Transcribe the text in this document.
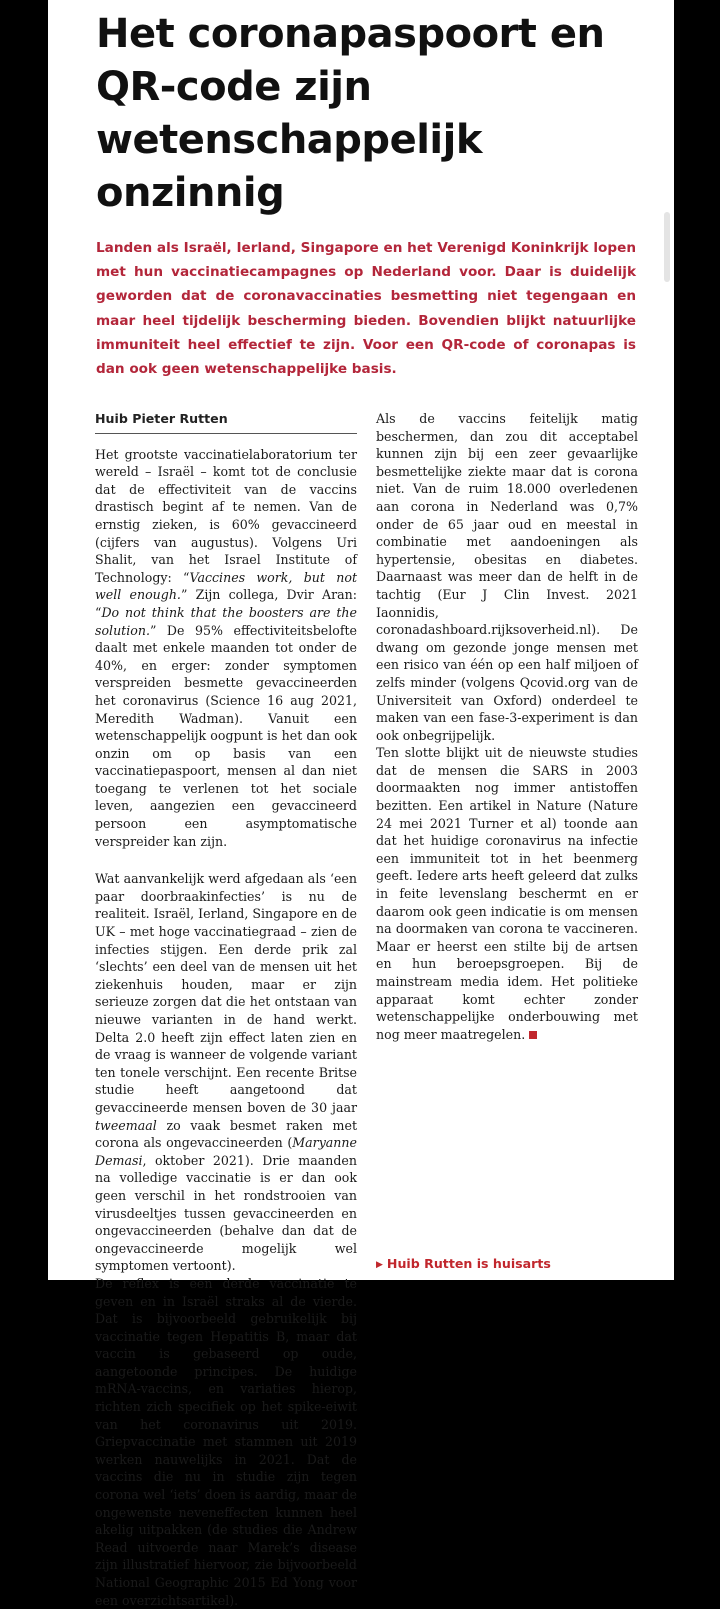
Het coronapaspoort en QR-code zijn wetenschappelijk onzinnig

Landen als Israël, Ierland, Singapore en het Verenigd Koninkrijk lopen met hun vaccinatiecampagnes op Nederland voor. Daar is duidelijk geworden dat de coronavaccinaties besmetting niet tegengaan en maar heel tijdelijk bescherming bieden. Bovendien blijkt natuurlijke immuniteit heel effectief te zijn. Voor een QR-code of coronapas is dan ook geen wetenschappelijke basis.

Huib Pieter Rutten

Het grootste vaccinatielaboratorium ter wereld – Israël – komt tot de conclusie dat de effectiviteit van de vaccins drastisch begint af te nemen. Van de ernstig zieken, is 60% gevaccineerd (cijfers van augustus). Volgens Uri Shalit, van het Israel Institute of Technology: “Vaccines work, but not well enough.” Zijn collega, Dvir Aran: “Do not think that the boosters are the solution.” De 95% effectiviteitsbelofte daalt met enkele maanden tot onder de 40%, en erger: zonder symptomen verspreiden besmette gevaccineerden het coronavirus (Science 16 aug 2021, Meredith Wadman). Vanuit een wetenschappelijk oogpunt is het dan ook onzin om op basis van een vaccinatiepaspoort, mensen al dan niet toegang te verlenen tot het sociale leven, aangezien een gevaccineerd persoon een asymptomatische verspreider kan zijn.

Wat aanvankelijk werd afgedaan als ‘een paar doorbraakinfecties’ is nu de realiteit. Israël, Ierland, Singapore en de UK – met hoge vaccinatiegraad – zien de infecties stijgen. Een derde prik zal ‘slechts’ een deel van de mensen uit het ziekenhuis houden, maar er zijn serieuze zorgen dat die het ontstaan van nieuwe varianten in de hand werkt. Delta 2.0 heeft zijn effect laten zien en de vraag is wanneer de volgende variant ten tonele verschijnt. Een recente Britse studie heeft aangetoond dat gevaccineerde mensen boven de 30 jaar tweemaal zo vaak besmet raken met corona als ongevaccineerden (Maryanne Demasi, oktober 2021). Drie maanden na volledige vaccinatie is er dan ook geen verschil in het rondstrooien van virusdeeltjes tussen gevaccineerden en ongevaccineerden (behalve dan dat de ongevaccineerde mogelijk wel symptomen vertoont).

De reflex is een derde vaccinatie te geven en in Israël straks al de vierde. Dat is bijvoorbeeld gebruikelijk bij vaccinatie tegen Hepatitis B, maar dat vaccin is gebaseerd op oude, aangetoonde principes. De huidige mRNA-vaccins, en variaties hierop, richten zich specifiek op het spike-eiwit van het coronavirus uit 2019. Griepvaccinatie met stammen uit 2019 werken nauwelijks in 2021. Dat de vaccins die nu in studie zijn tegen corona wel ‘iets’ doen is aardig, maar de ongewenste neveneffecten kunnen heel akelig uitpakken (de studies die Andrew Read uitvoerde naar Marek’s disease zijn illustratief hiervoor, zie bijvoorbeeld National Geographic 2015 Ed Yong voor een overzichtsartikel).

Als de vaccins feitelijk matig beschermen, dan zou dit acceptabel kunnen zijn bij een zeer gevaarlijke besmettelijke ziekte maar dat is corona niet. Van de ruim 18.000 overledenen aan corona in Nederland was 0,7% onder de 65 jaar oud en meestal in combinatie met aandoeningen als hypertensie, obesitas en diabetes. Daarnaast was meer dan de helft in de tachtig (Eur J Clin Invest. 2021 Iaonnidis, coronadashboard.rijksoverheid.nl). De dwang om gezonde jonge mensen met een risico van één op een half miljoen of zelfs minder (volgens Qcovid.org van de Universiteit van Oxford) onderdeel te maken van een fase-3-experiment is dan ook onbegrijpelijk.

Ten slotte blijkt uit de nieuwste studies dat de mensen die SARS in 2003 doormaakten nog immer antistoffen bezitten. Een artikel in Nature (Nature 24 mei 2021 Turner et al) toonde aan dat het huidige coronavirus na infectie een immuniteit tot in het beenmerg geeft. Iedere arts heeft geleerd dat zulks in feite levenslang beschermt en er daarom ook geen indicatie is om mensen na doormaken van corona te vaccineren. Maar er heerst een stilte bij de artsen en hun beroepsgroepen. Bij de mainstream media idem. Het politieke apparaat komt echter zonder wetenschappelijke onderbouwing met nog meer maatregelen.

▶ Huib Rutten is huisarts
